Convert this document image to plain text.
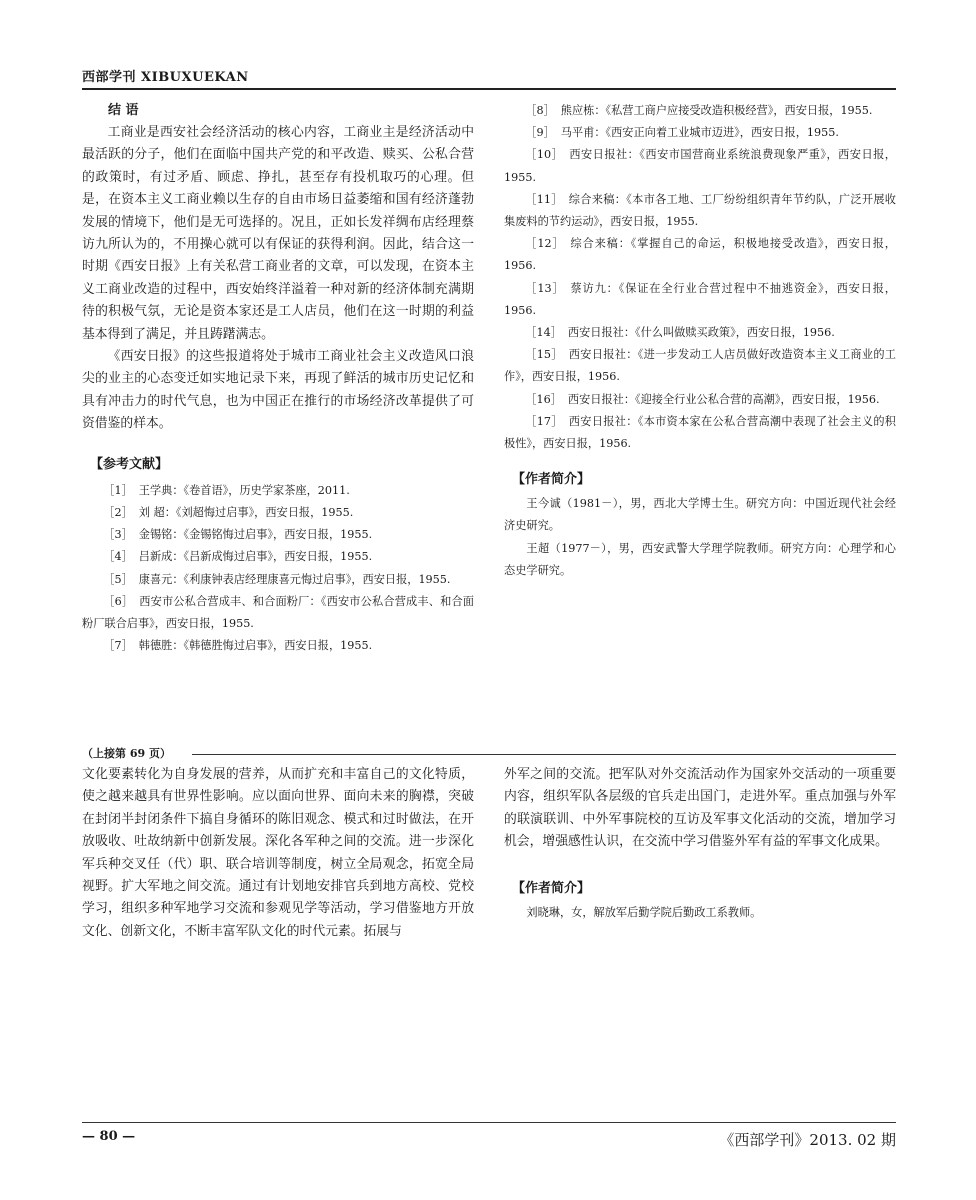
西部学刊 XIBUXUEKAN
结 语

工商业是西安社会经济活动的核心内容，工商业主是经济活动中最活跃的分子，他们在面临中国共产党的和平改造、赎买、公私合营的政策时，有过矛盾、顾虑、挣扎，甚至存有投机取巧的心理。但是，在资本主义工商业赖以生存的自由市场日益萎缩和国有经济蓬勃发展的情境下，他们是无可选择的。况且，正如长发祥绸布店经理蔡访九所认为的，不用操心就可以有保证的获得利润。因此，结合这一时期《西安日报》上有关私营工商业者的文章，可以发现，在资本主义工商业改造的过程中，西安始终洋溢着一种对新的经济体制充满期待的积极气氛，无论是资本家还是工人店员，他们在这一时期的利益基本得到了满足，并且踌躇满志。

《西安日报》的这些报道将处于城市工商业社会主义改造风口浪尖的业主的心态变迁如实地记录下来，再现了鲜活的城市历史记忆和具有冲击力的时代气息，也为中国正在推行的市场经济改革提供了可资借鉴的样本。

【参考文献】

［1］ 王学典：《卷首语》，历史学家茶座，2011.

［2］ 刘 超：《刘超悔过启事》，西安日报，1955.

［3］ 金锡铭：《金锡铭悔过启事》，西安日报，1955.

［4］ 吕新成：《吕新成悔过启事》，西安日报，1955.

［5］ 康喜元：《利康钟表店经理康喜元悔过启事》，西安日报，1955.

［6］ 西安市公私合营成丰、和合面粉厂：《西安市公私合营成丰、和合面粉厂联合启事》，西安日报，1955.

［7］ 韩德胜：《韩德胜悔过启事》，西安日报，1955.

［8］ 熊应栋：《私营工商户应接受改造积极经营》，西安日报，1955.

［9］ 马平甫：《西安正向着工业城市迈进》，西安日报，1955.

［10］ 西安日报社：《西安市国营商业系统浪费现象严重》，西安日报，1955.

［11］ 综合来稿：《本市各工地、工厂纷纷组织青年节约队，广泛开展收集废料的节约运动》，西安日报，1955.

［12］ 综合来稿：《掌握自己的命运，积极地接受改造》，西安日报，1956.

［13］ 蔡访九：《保证在全行业合营过程中不抽逃资金》，西安日报，1956.

［14］ 西安日报社：《什么叫做赎买政策》，西安日报，1956.

［15］ 西安日报社：《进一步发动工人店员做好改造资本主义工商业的工作》，西安日报，1956.

［16］ 西安日报社：《迎接全行业公私合营的高潮》，西安日报，1956.

［17］ 西安日报社：《本市资本家在公私合营高潮中表现了社会主义的积极性》，西安日报，1956.

【作者简介】

王今诚（1981－），男，西北大学博士生。研究方向：中国近现代社会经济史研究。

王超（1977－），男，西安武警大学理学院教师。研究方向：心理学和心态史学研究。

（上接第 69 页）

文化要素转化为自身发展的营养，从而扩充和丰富自己的文化特质，使之越来越具有世界性影响。应以面向世界、面向未来的胸襟，突破在封闭半封闭条件下搞自身循环的陈旧观念、模式和过时做法，在开放吸收、吐故纳新中创新发展。深化各军种之间的交流。进一步深化军兵种交叉任（代）职、联合培训等制度，树立全局观念，拓宽全局视野。扩大军地之间交流。通过有计划地安排官兵到地方高校、党校学习，组织多种军地学习交流和参观见学等活动，学习借鉴地方开放文化、创新文化，不断丰富军队文化的时代元素。拓展与

外军之间的交流。把军队对外交流活动作为国家外交活动的一项重要内容，组织军队各层级的官兵走出国门，走进外军。重点加强与外军的联演联训、中外军事院校的互访及军事文化活动的交流，增加学习机会，增强感性认识，在交流中学习借鉴外军有益的军事文化成果。

【作者简介】

刘晓琳，女，解放军后勤学院后勤政工系教师。

— 80 —	《西部学刊》2013. 02 期
